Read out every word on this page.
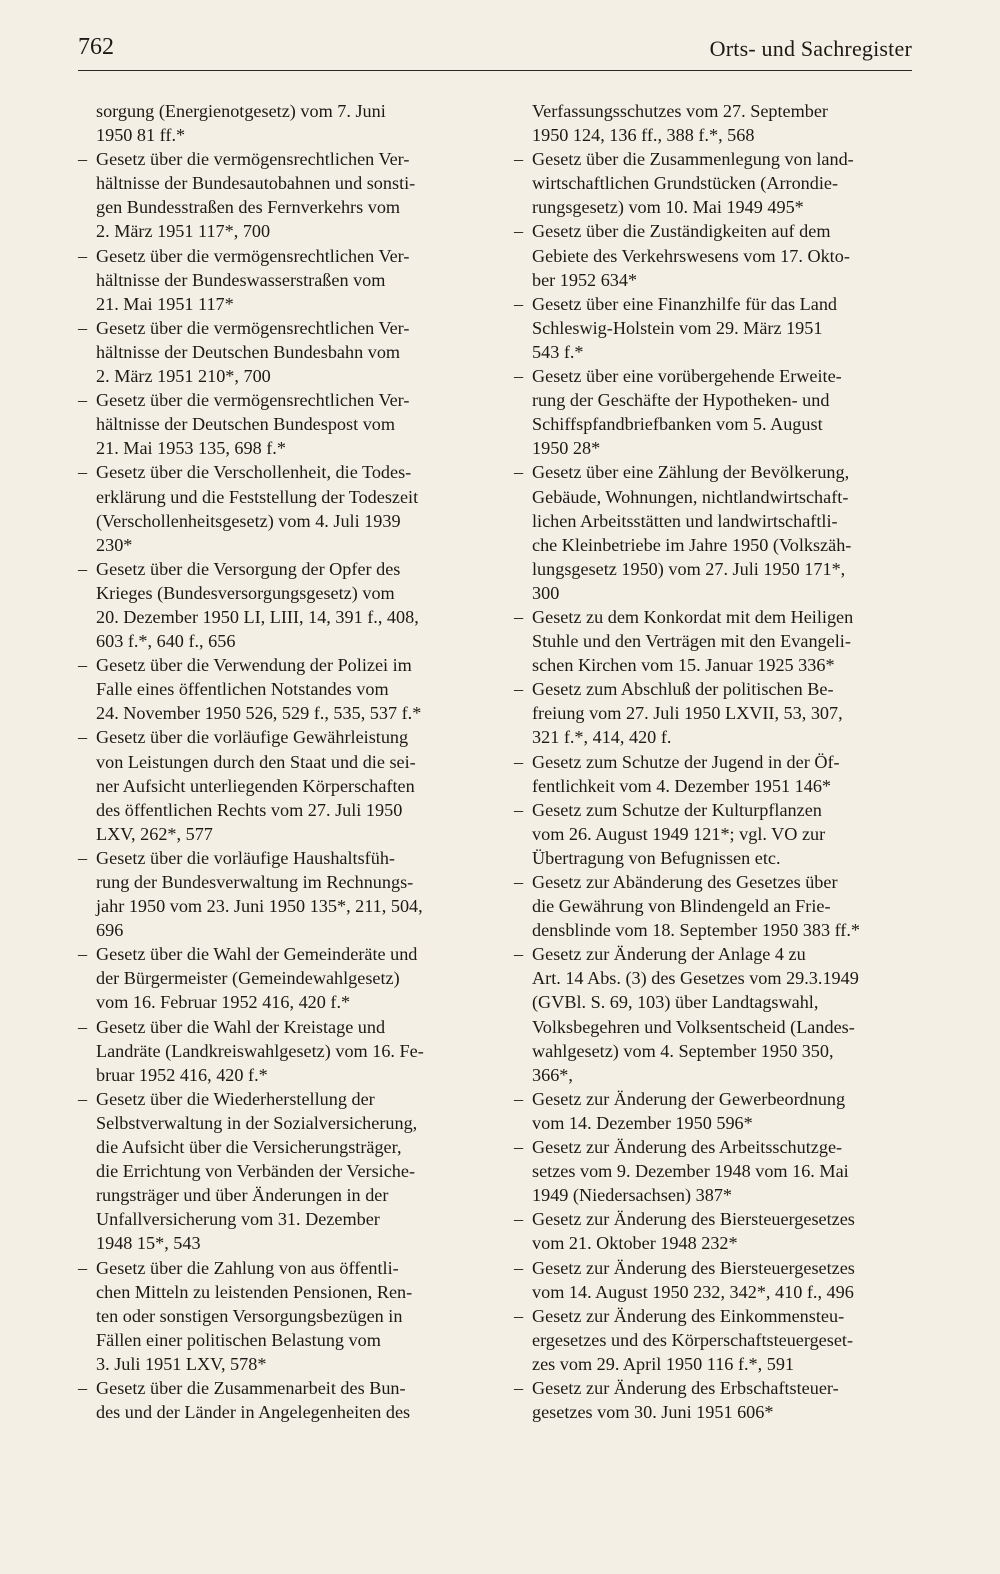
762	Orts- und Sachregister

sorgung (Energienotgesetz) vom 7. Juni
1950 81 ff.*

– Gesetz über die vermögensrechtlichen Ver-
hältnisse der Bundesautobahnen und sonsti-
gen Bundesstraßen des Fernverkehrs vom
2. März 1951 117*, 700

– Gesetz über die vermögensrechtlichen Ver-
hältnisse der Bundeswasserstraßen vom
21. Mai 1951 117*

– Gesetz über die vermögensrechtlichen Ver-
hältnisse der Deutschen Bundesbahn vom
2. März 1951 210*, 700

– Gesetz über die vermögensrechtlichen Ver-
hältnisse der Deutschen Bundespost vom
21. Mai 1953 135, 698 f.*

– Gesetz über die Verschollenheit, die Todes-
erklärung und die Feststellung der Todeszeit
(Verschollenheitsgesetz) vom 4. Juli 1939
230*

– Gesetz über die Versorgung der Opfer des
Krieges (Bundesversorgungsgesetz) vom
20. Dezember 1950 LI, LIII, 14, 391 f., 408,
603 f.*, 640 f., 656

– Gesetz über die Verwendung der Polizei im
Falle eines öffentlichen Notstandes vom
24. November 1950 526, 529 f., 535, 537 f.*

– Gesetz über die vorläufige Gewährleistung
von Leistungen durch den Staat und die sei-
ner Aufsicht unterliegenden Körperschaften
des öffentlichen Rechts vom 27. Juli 1950
LXV, 262*, 577

– Gesetz über die vorläufige Haushaltsfüh-
rung der Bundesverwaltung im Rechnungs-
jahr 1950 vom 23. Juni 1950 135*, 211, 504,
696

– Gesetz über die Wahl der Gemeinderäte und
der Bürgermeister (Gemeindewahlgesetz)
vom 16. Februar 1952 416, 420 f.*

– Gesetz über die Wahl der Kreistage und
Landräte (Landkreiswahlgesetz) vom 16. Fe-
bruar 1952 416, 420 f.*

– Gesetz über die Wiederherstellung der
Selbstverwaltung in der Sozialversicherung,
die Aufsicht über die Versicherungsträger,
die Errichtung von Verbänden der Versiche-
rungsträger und über Änderungen in der
Unfallversicherung vom 31. Dezember
1948 15*, 543

– Gesetz über die Zahlung von aus öffentli-
chen Mitteln zu leistenden Pensionen, Ren-
ten oder sonstigen Versorgungsbezügen in
Fällen einer politischen Belastung vom
3. Juli 1951 LXV, 578*

– Gesetz über die Zusammenarbeit des Bun-
des und der Länder in Angelegenheiten des

Verfassungsschutzes vom 27. September
1950 124, 136 ff., 388 f.*, 568

– Gesetz über die Zusammenlegung von land-
wirtschaftlichen Grundstücken (Arrondie-
rungsgesetz) vom 10. Mai 1949 495*

– Gesetz über die Zuständigkeiten auf dem
Gebiete des Verkehrswesens vom 17. Okto-
ber 1952 634*

– Gesetz über eine Finanzhilfe für das Land
Schleswig-Holstein vom 29. März 1951
543 f.*

– Gesetz über eine vorübergehende Erweite-
rung der Geschäfte der Hypotheken- und
Schiffspfandbriefbanken vom 5. August
1950 28*

– Gesetz über eine Zählung der Bevölkerung,
Gebäude, Wohnungen, nichtlandwirtschaft-
lichen Arbeitsstätten und landwirtschaftli-
che Kleinbetriebe im Jahre 1950 (Volkszäh-
lungsgesetz 1950) vom 27. Juli 1950 171*,
300

– Gesetz zu dem Konkordat mit dem Heiligen
Stuhle und den Verträgen mit den Evangeli-
schen Kirchen vom 15. Januar 1925 336*

– Gesetz zum Abschluß der politischen Be-
freiung vom 27. Juli 1950 LXVII, 53, 307,
321 f.*, 414, 420 f.

– Gesetz zum Schutze der Jugend in der Öf-
fentlichkeit vom 4. Dezember 1951 146*

– Gesetz zum Schutze der Kulturpflanzen
vom 26. August 1949 121*; vgl. VO zur
Übertragung von Befugnissen etc.

– Gesetz zur Abänderung des Gesetzes über
die Gewährung von Blindengeld an Frie-
densblinde vom 18. September 1950 383 ff.*

– Gesetz zur Änderung der Anlage 4 zu
Art. 14 Abs. (3) des Gesetzes vom 29.3.1949
(GVBl. S. 69, 103) über Landtagswahl,
Volksbegehren und Volksentscheid (Landes-
wahlgesetz) vom 4. September 1950 350,
366*,

– Gesetz zur Änderung der Gewerbeordnung
vom 14. Dezember 1950 596*

– Gesetz zur Änderung des Arbeitsschutzge-
setzes vom 9. Dezember 1948 vom 16. Mai
1949 (Niedersachsen) 387*

– Gesetz zur Änderung des Biersteuergesetzes
vom 21. Oktober 1948 232*

– Gesetz zur Änderung des Biersteuergesetzes
vom 14. August 1950 232, 342*, 410 f., 496

– Gesetz zur Änderung des Einkommensteu-
ergesetzes und des Körperschaftsteuergeset-
zes vom 29. April 1950 116 f.*, 591

– Gesetz zur Änderung des Erbschaftsteuer-
gesetzes vom 30. Juni 1951 606*
